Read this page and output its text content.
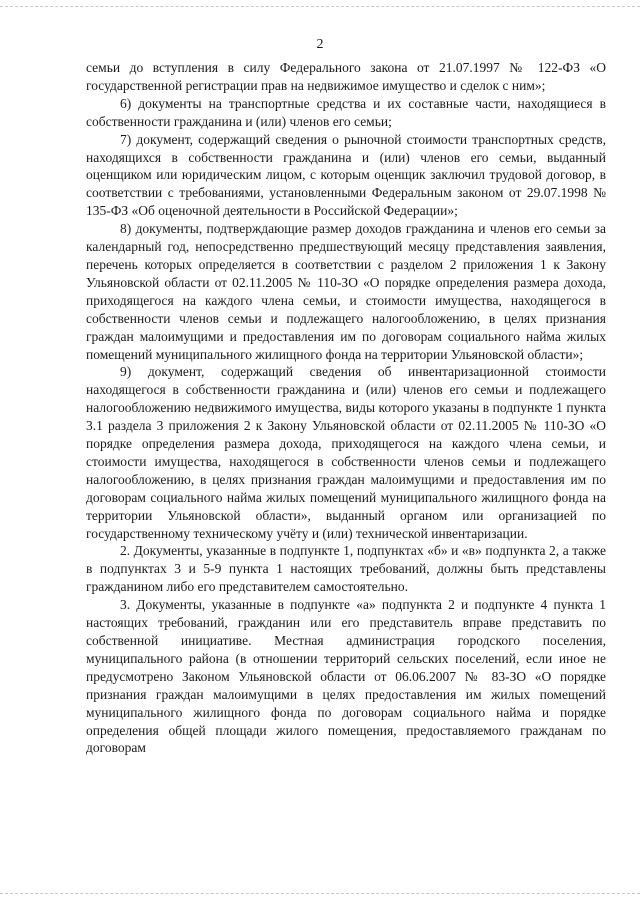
2

семьи до вступления в силу Федерального закона от 21.07.1997 № 122-ФЗ «О государственной регистрации прав на недвижимое имущество и сделок с ним»;

6) документы на транспортные средства и их составные части, находящиеся в собственности гражданина и (или) членов его семьи;

7) документ, содержащий сведения о рыночной стоимости транспортных средств, находящихся в собственности гражданина и (или) членов его семьи, выданный оценщиком или юридическим лицом, с которым оценщик заключил трудовой договор, в соответствии с требованиями, установленными Федеральным законом от 29.07.1998 № 135-ФЗ «Об оценочной деятельности в Российской Федерации»;

8) документы, подтверждающие размер доходов гражданина и членов его семьи за календарный год, непосредственно предшествующий месяцу представления заявления, перечень которых определяется в соответствии с разделом 2 приложения 1 к Закону Ульяновской области от 02.11.2005 № 110-ЗО «О порядке определения размера дохода, приходящегося на каждого члена семьи, и стоимости имущества, находящегося в собственности членов семьи и подлежащего налогообложению, в целях признания граждан малоимущими и предоставления им по договорам социального найма жилых помещений муниципального жилищного фонда на территории Ульяновской области»;

9) документ, содержащий сведения об инвентаризационной стоимости находящегося в собственности гражданина и (или) членов его семьи и подлежащего налогообложению недвижимого имущества, виды которого указаны в подпункте 1 пункта 3.1 раздела 3 приложения 2 к Закону Ульяновской области от 02.11.2005 № 110-ЗО «О порядке определения размера дохода, приходящегося на каждого члена семьи, и стоимости имущества, находящегося в собственности членов семьи и подлежащего налогообложению, в целях признания граждан малоимущими и предоставления им по договорам социального найма жилых помещений муниципального жилищного фонда на территории Ульяновской области», выданный органом или организацией по государственному техническому учёту и (или) технической инвентаризации.

2. Документы, указанные в подпункте 1, подпунктах «б» и «в» подпункта 2, а также в подпунктах 3 и 5-9 пункта 1 настоящих требований, должны быть представлены гражданином либо его представителем самостоятельно.

3. Документы, указанные в подпункте «а» подпункта 2 и подпункте 4 пункта 1 настоящих требований, гражданин или его представитель вправе представить по собственной инициативе. Местная администрация городского поселения, муниципального района (в отношении территорий сельских поселений, если иное не предусмотрено Законом Ульяновской области от 06.06.2007 № 83-ЗО «О порядке признания граждан малоимущими в целях предоставления им жилых помещений муниципального жилищного фонда по договорам социального найма и порядке определения общей площади жилого помещения, предоставляемого гражданам по договорам
